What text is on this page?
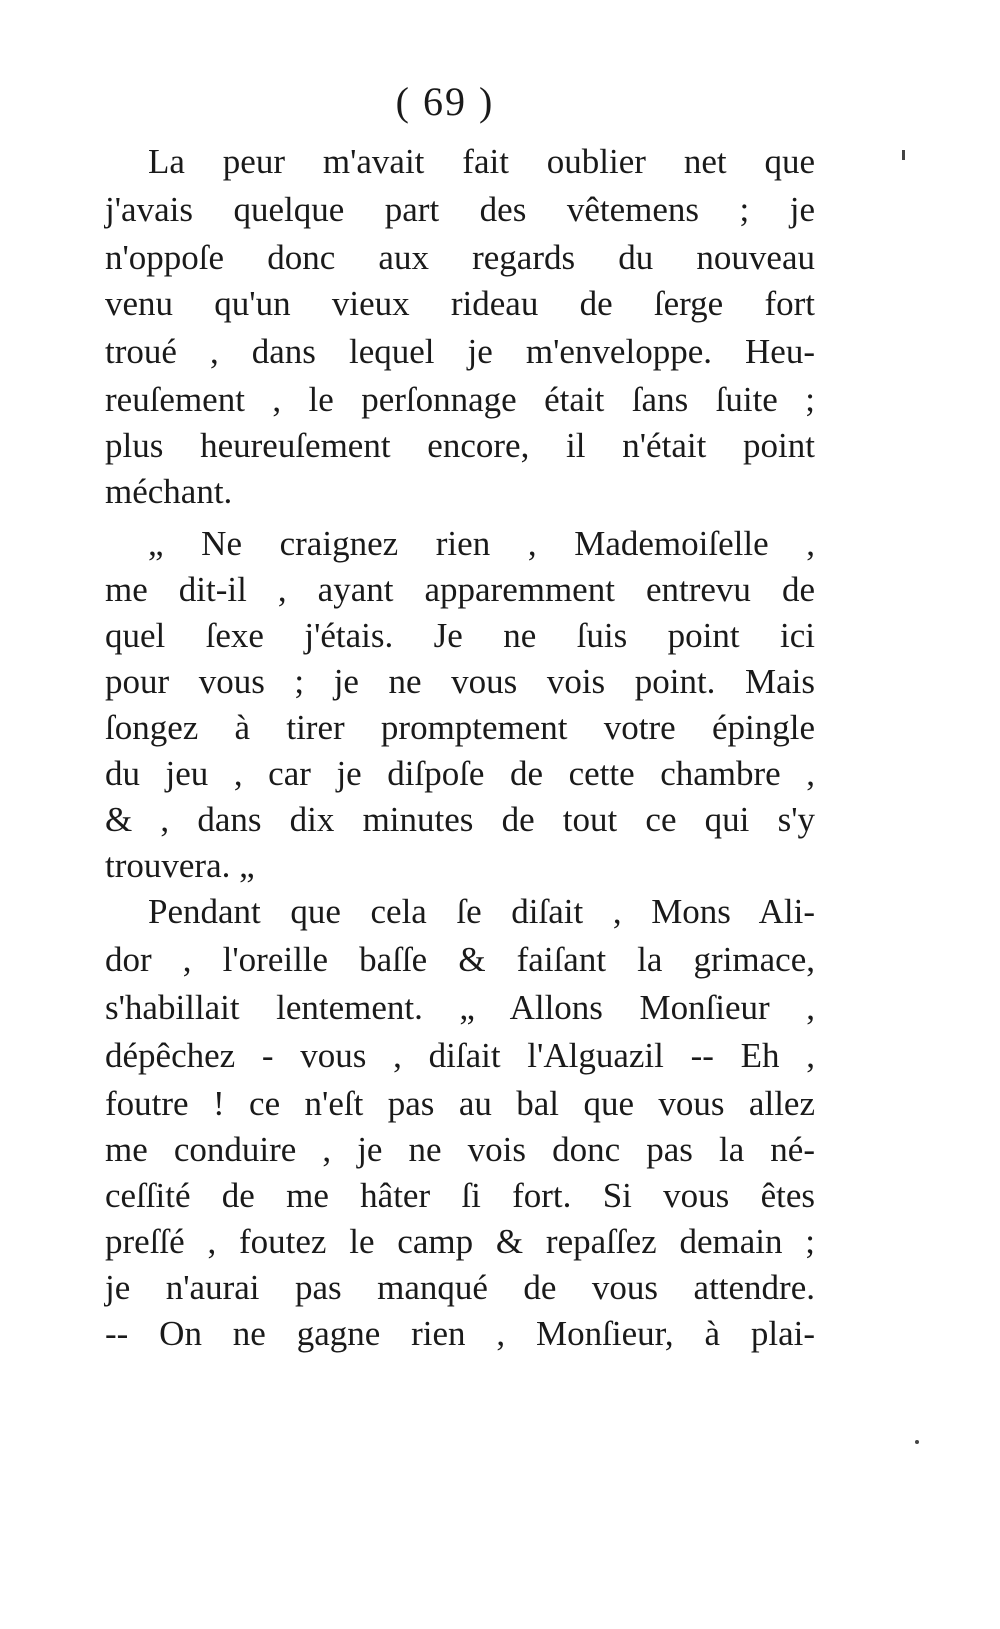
( 69 )
La peur m'avait fait oublier net que
j'avais quelque part des vêtemens ; je
n'oppoſe donc aux regards du nouveau
venu qu'un vieux rideau de ſerge fort
troué , dans lequel je m'enveloppe. Heu-
reuſement , le perſonnage était ſans ſuite ;
plus heureuſement encore, il n'était point
méchant.
„ Ne craignez rien , Mademoiſelle ,
me dit-il , ayant apparemment entrevu de
quel ſexe j'étais. Je ne ſuis point ici
pour vous ; je ne vous vois point. Mais
ſongez à tirer promptement votre épingle
du jeu , car je diſpoſe de cette chambre ,
& , dans dix minutes de tout ce qui s'y
trouvera. „
Pendant que cela ſe diſait , Mons Ali-
dor , l'oreille baſſe & faiſant la grimace,
s'habillait lentement. „ Allons Monſieur ,
dépêchez - vous , diſait l'Alguazil -- Eh ,
foutre ! ce n'eſt pas au bal que vous allez
me conduire , je ne vois donc pas la né-
ceſſité de me hâter ſi fort. Si vous êtes
preſſé , foutez le camp & repaſſez demain ;
je n'aurai pas manqué de vous attendre.
-- On ne gagne rien , Monſieur, à plai-
